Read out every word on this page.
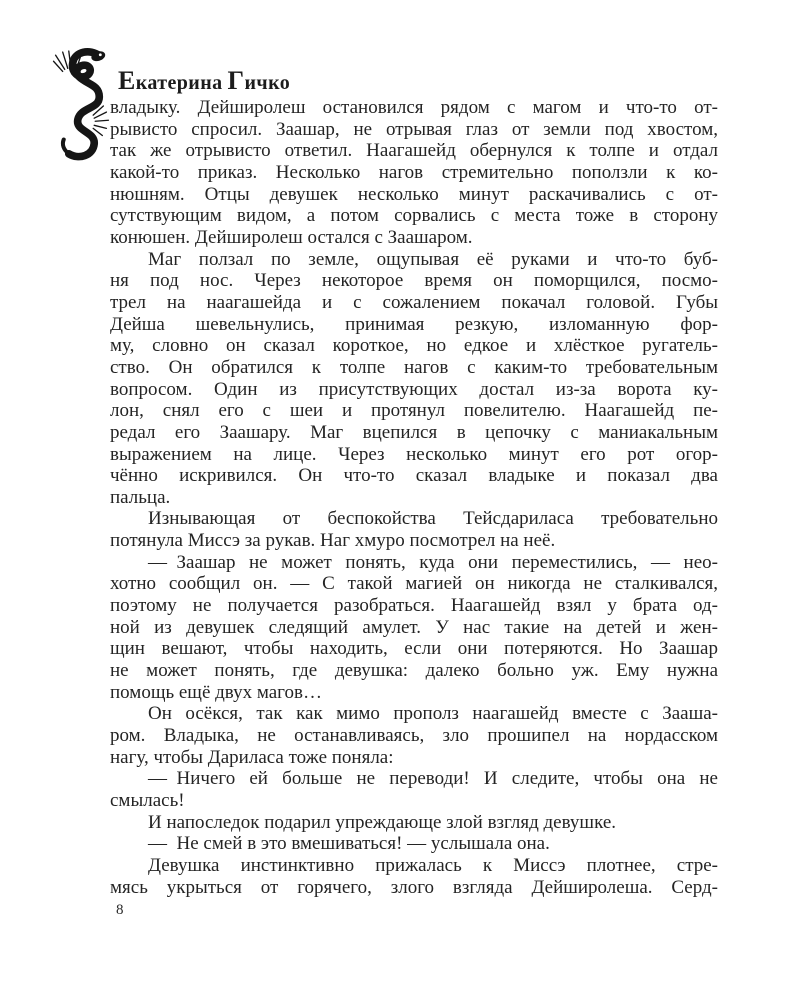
Екатерина Гичко
владыку. Дейширолеш остановился рядом с магом и что-то от-
рывисто спросил. Заашар, не отрывая глаз от земли под хвостом,
так же отрывисто ответил. Наагашейд обернулся к толпе и отдал
какой-то приказ. Несколько нагов стремительно поползли к ко-
нюшням. Отцы девушек несколько минут раскачивались с от-
сутствующим видом, а потом сорвались с места тоже в сторону
конюшен. Дейширолеш остался с Заашаром.
Маг ползал по земле, ощупывая её руками и что-то буб-
ня под нос. Через некоторое время он поморщился, посмо-
трел на наагашейда и с сожалением покачал головой. Губы
Дейша шевельнулись, принимая резкую, изломанную фор-
му, словно он сказал короткое, но едкое и хлёсткое ругатель-
ство. Он обратился к толпе нагов с каким-то требовательным
вопросом. Один из присутствующих достал из-за ворота ку-
лон, снял его с шеи и протянул повелителю. Наагашейд пе-
редал его Заашару. Маг вцепился в цепочку с маниакальным
выражением на лице. Через несколько минут его рот огор-
чённо искривился. Он что-то сказал владыке и показал два
пальца.
Изнывающая от беспокойства Тейсдариласа требовательно
потянула Миссэ за рукав. Наг хмуро посмотрел на неё.
— Заашар не может понять, куда они переместились, — нео-
хотно сообщил он. — С такой магией он никогда не сталкивался,
поэтому не получается разобраться. Наагашейд взял у брата од-
ной из девушек следящий амулет. У нас такие на детей и жен-
щин вешают, чтобы находить, если они потеряются. Но Заашар
не может понять, где девушка: далеко больно уж. Ему нужна
помощь ещё двух магов…
Он осёкся, так как мимо прополз наагашейд вместе с Зааша-
ром. Владыка, не останавливаясь, зло прошипел на нордасском
нагу, чтобы Дариласа тоже поняла:
— Ничего ей больше не переводи! И следите, чтобы она не
смылась!
И напоследок подарил упреждающе злой взгляд девушке.
— Не смей в это вмешиваться! — услышала она.
Девушка инстинктивно прижалась к Миссэ плотнее, стре-
мясь укрыться от горячего, злого взгляда Дейширолеша. Серд-
8
